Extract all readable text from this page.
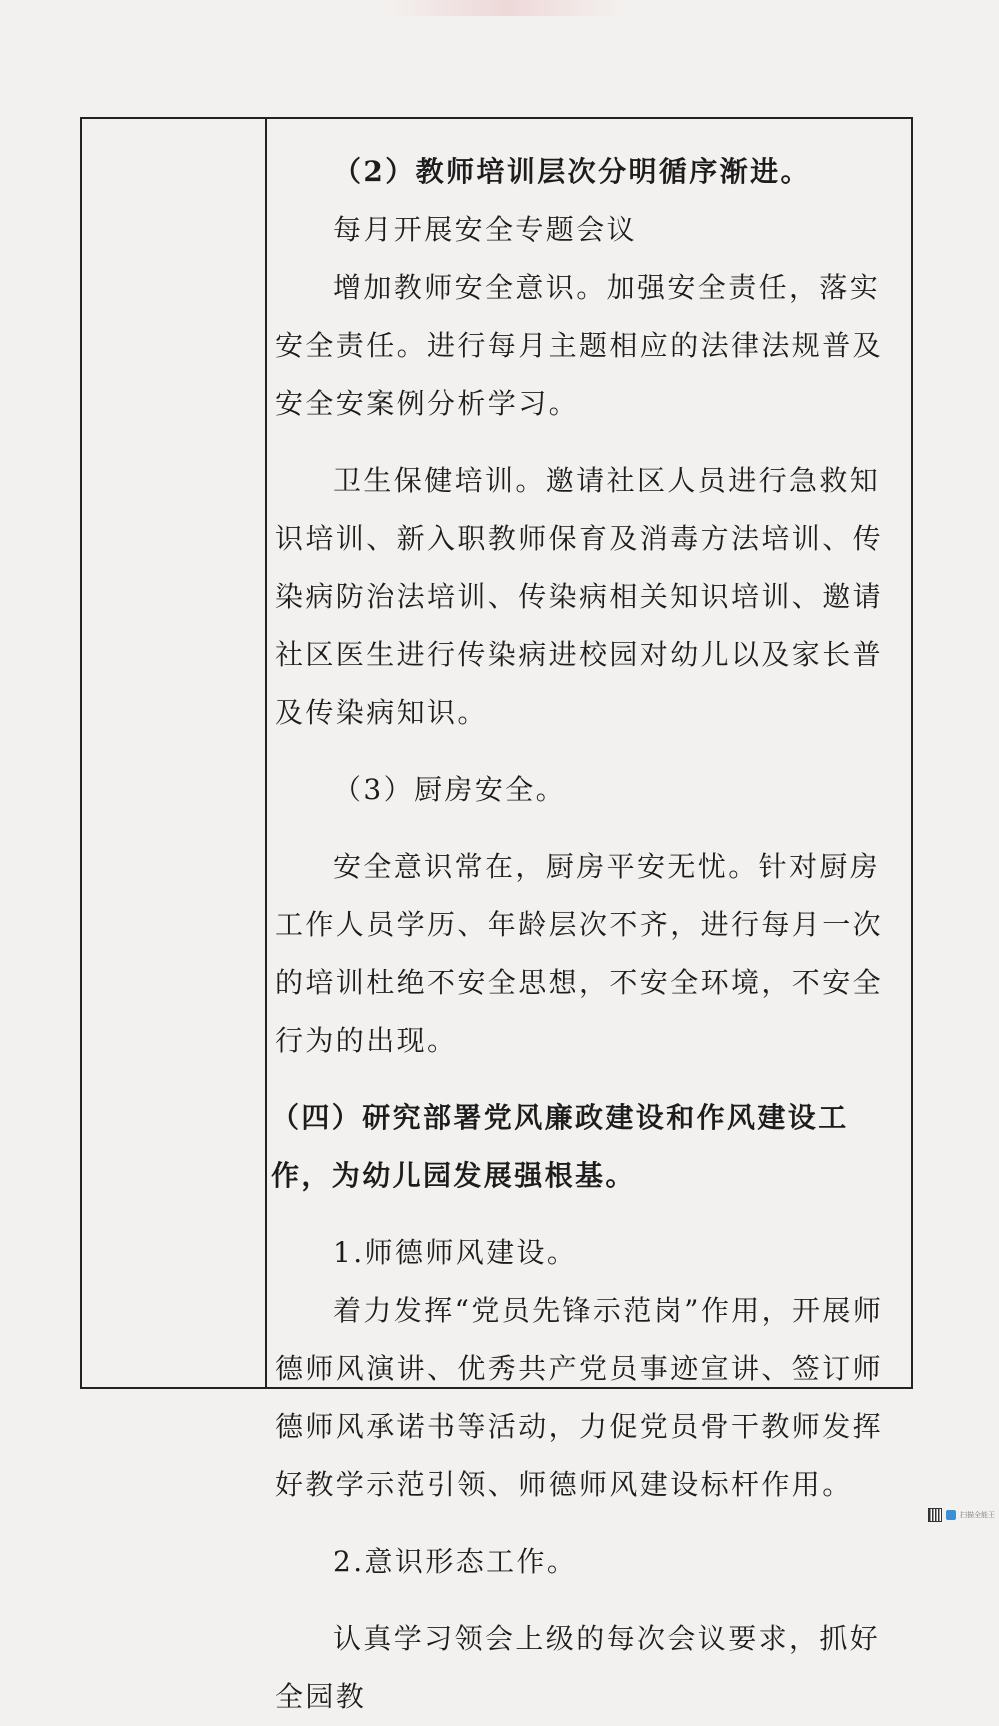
（2）教师培训层次分明循序渐进。

每月开展安全专题会议

增加教师安全意识。加强安全责任，落实安全责任。进行每月主题相应的法律法规普及安全安案例分析学习。

卫生保健培训。邀请社区人员进行急救知识培训、新入职教师保育及消毒方法培训、传染病防治法培训、传染病相关知识培训、邀请社区医生进行传染病进校园对幼儿以及家长普及传染病知识。

（3）厨房安全。

安全意识常在，厨房平安无忧。针对厨房工作人员学历、年龄层次不齐，进行每月一次的培训杜绝不安全思想，不安全环境，不安全行为的出现。

（四）研究部署党风廉政建设和作风建设工作，为幼儿园发展强根基。

1.师德师风建设。

着力发挥“党员先锋示范岗”作用，开展师德师风演讲、优秀共产党员事迹宣讲、签订师德师风承诺书等活动，力促党员骨干教师发挥好教学示范引领、师德师风建设标杆作用。

2.意识形态工作。

认真学习领会上级的每次会议要求，抓好全园教

扫描全能王
